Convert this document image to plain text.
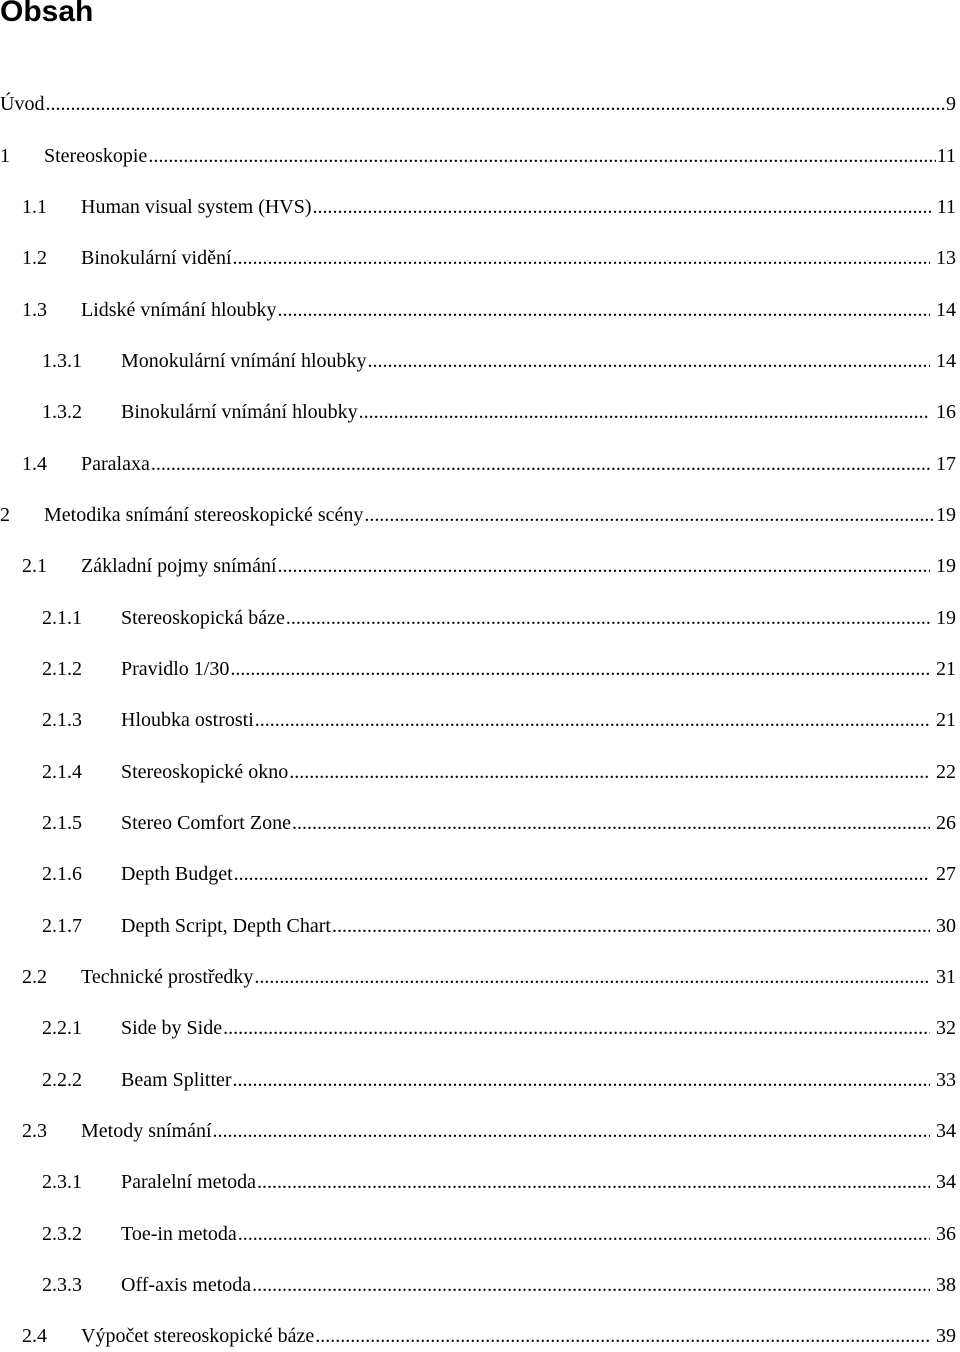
Obsah
Úvod .....	9
1	Stereoskopie .....	11
1.1	Human visual system (HVS) .....	11
1.2	Binokulární vidění .....	13
1.3	Lidské vnímání hloubky .....	14
1.3.1	Monokulární vnímání hloubky .....	14
1.3.2	Binokulární vnímání hloubky .....	16
1.4	Paralaxa .....	17
2	Metodika snímání stereoskopické scény .....	19
2.1	Základní pojmy snímání .....	19
2.1.1	Stereoskopická báze .....	19
2.1.2	Pravidlo 1/30 .....	21
2.1.3	Hloubka ostrosti .....	21
2.1.4	Stereoskopické okno .....	22
2.1.5	Stereo Comfort Zone .....	26
2.1.6	Depth Budget .....	27
2.1.7	Depth Script, Depth Chart .....	30
2.2	Technické prostředky .....	31
2.2.1	Side by Side .....	32
2.2.2	Beam Splitter .....	33
2.3	Metody snímání .....	34
2.3.1	Paralelní metoda .....	34
2.3.2	Toe-in metoda .....	36
2.3.3	Off-axis metoda .....	38
2.4	Výpočet stereoskopické báze .....	39
